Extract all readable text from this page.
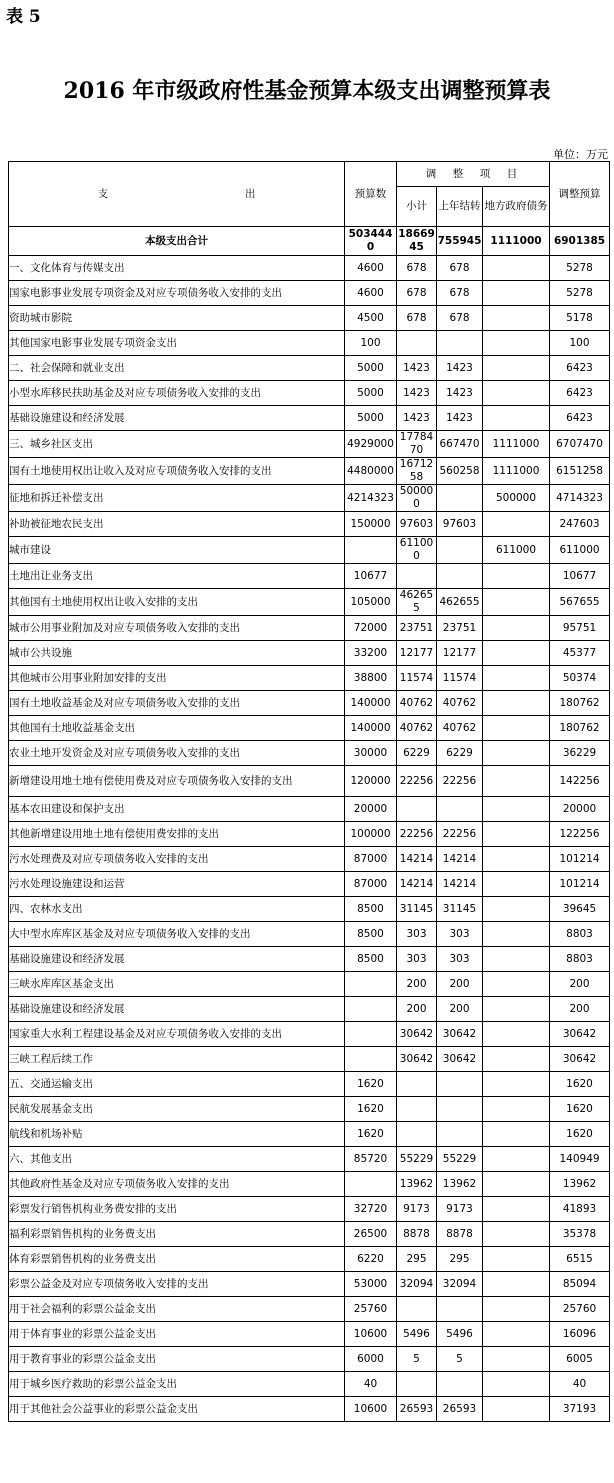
表 5
2016 年市级政府性基金预算本级支出调整预算表
单位：万元
支 出	预算数	调　整　项　目			调整预算
		小计	上年结转	地方政府债务	
本级支出合计	5034440	1866945	755945	1111000	6901385
一、文化体育与传媒支出	4600	678	678		5278
国家电影事业发展专项资金及对应专项债务收入安排的支出	4600	678	678		5278
资助城市影院	4500	678	678		5178
其他国家电影事业发展专项资金支出	100				100
二、社会保障和就业支出	5000	1423	1423		6423
小型水库移民扶助基金及对应专项债务收入安排的支出	5000	1423	1423		6423
基础设施建设和经济发展	5000	1423	1423		6423
三、城乡社区支出	4929000	1778470	667470	1111000	6707470
国有土地使用权出让收入及对应专项债务收入安排的支出	4480000	1671258	560258	1111000	6151258
征地和拆迁补偿支出	4214323	500000		500000	4714323
补助被征地农民支出	150000	97603	97603		247603
城市建设		611000		611000	611000
土地出让业务支出	10677				10677
其他国有土地使用权出让收入安排的支出	105000	462655	462655		567655
城市公用事业附加及对应专项债务收入安排的支出	72000	23751	23751		95751
城市公共设施	33200	12177	12177		45377
其他城市公用事业附加安排的支出	38800	11574	11574		50374
国有土地收益基金及对应专项债务收入安排的支出	140000	40762	40762		180762
其他国有土地收益基金支出	140000	40762	40762		180762
农业土地开发资金及对应专项债务收入安排的支出	30000	6229	6229		36229
新增建设用地土地有偿使用费及对应专项债务收入安排的支出	120000	22256	22256		142256
基本农田建设和保护支出	20000				20000
其他新增建设用地土地有偿使用费安排的支出	100000	22256	22256		122256
污水处理费及对应专项债务收入安排的支出	87000	14214	14214		101214
污水处理设施建设和运营	87000	14214	14214		101214
四、农林水支出	8500	31145	31145		39645
大中型水库库区基金及对应专项债务收入安排的支出	8500	303	303		8803
基础设施建设和经济发展	8500	303	303		8803
三峡水库库区基金支出		200	200		200
基础设施建设和经济发展		200	200		200
国家重大水利工程建设基金及对应专项债务收入安排的支出		30642	30642		30642
三峡工程后续工作		30642	30642		30642
五、交通运输支出	1620				1620
民航发展基金支出	1620				1620
航线和机场补贴	1620				1620
六、其他支出	85720	55229	55229		140949
其他政府性基金及对应专项债务收入安排的支出		13962	13962		13962
彩票发行销售机构业务费安排的支出	32720	9173	9173		41893
福利彩票销售机构的业务费支出	26500	8878	8878		35378
体育彩票销售机构的业务费支出	6220	295	295		6515
彩票公益金及对应专项债务收入安排的支出	53000	32094	32094		85094
用于社会福利的彩票公益金支出	25760				25760
用于体育事业的彩票公益金支出	10600	5496	5496		16096
用于教育事业的彩票公益金支出	6000	5	5		6005
用于城乡医疗救助的彩票公益金支出	40				40
用于其他社会公益事业的彩票公益金支出	10600	26593	26593		37193
